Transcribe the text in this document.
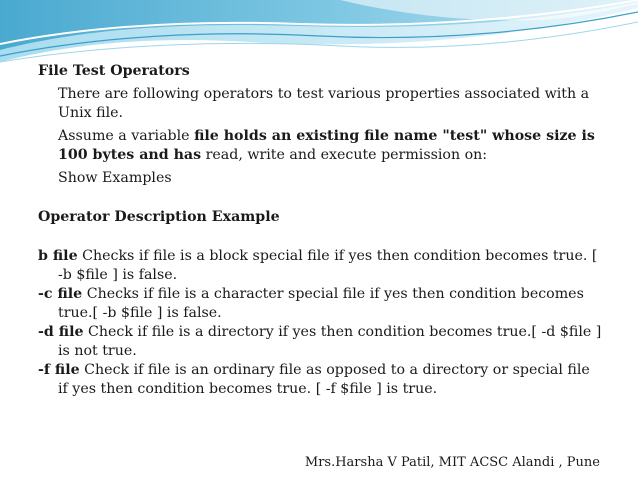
File Test Operators

There are following operators to test various properties associated with a Unix file.

Assume a variable file holds an existing file name "test" whose size is 100 bytes and has read, write and execute permission on:

Show Examples

Operator Description Example

b file Checks if file is a block special file if yes then condition becomes true. [ -b $file ] is false.

-c file Checks if file is a character special file if yes then condition becomes true.[ -b $file ] is false.

-d file Check if file is a directory if yes then condition becomes true.[ -d $file ] is not true.

-f file Check if file is an ordinary file as opposed to a directory or special file if yes then condition becomes true. [ -f $file ] is true.

Mrs.Harsha V Patil, MIT ACSC Alandi , Pune
